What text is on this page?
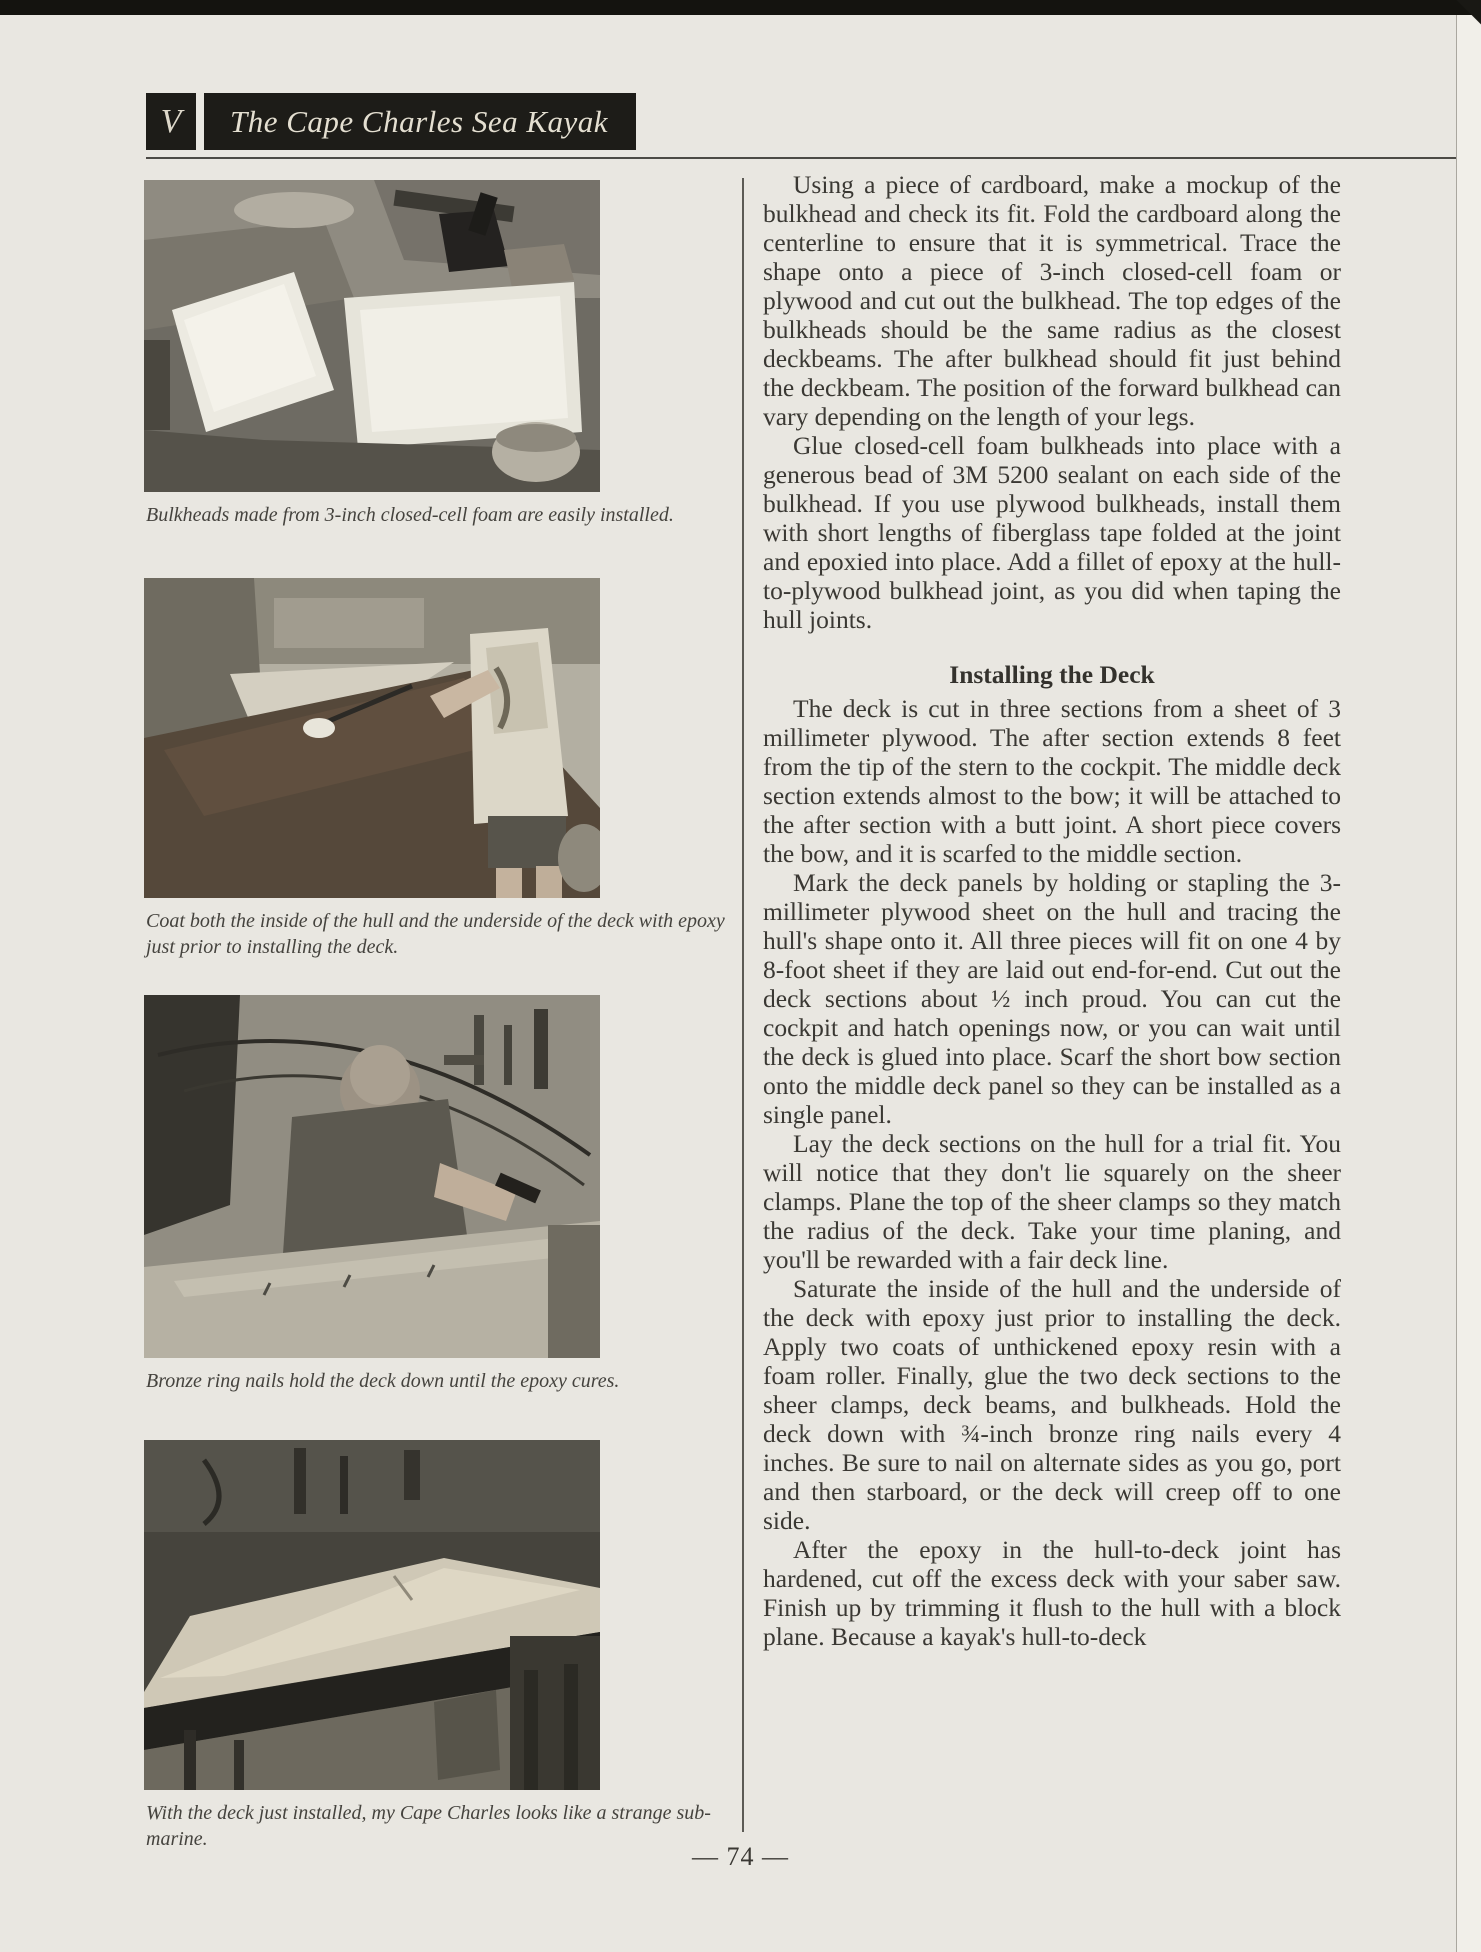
V The Cape Charles Sea Kayak
Bulkheads made from 3-inch closed-cell foam are easily installed.
Coat both the inside of the hull and the underside of the deck with epoxy just prior to installing the deck.
Bronze ring nails hold the deck down until the epoxy cures.
With the deck just installed, my Cape Charles looks like a strange sub-marine.

Using a piece of cardboard, make a mockup of the bulkhead and check its fit. Fold the cardboard along the centerline to ensure that it is symmetrical. Trace the shape onto a piece of 3-inch closed-cell foam or plywood and cut out the bulkhead. The top edges of the bulkheads should be the same radius as the closest deckbeams. The after bulkhead should fit just behind the deckbeam. The position of the forward bulkhead can vary depending on the length of your legs.

Glue closed-cell foam bulkheads into place with a generous bead of 3M 5200 sealant on each side of the bulkhead. If you use plywood bulkheads, install them with short lengths of fiberglass tape folded at the joint and epoxied into place. Add a fillet of epoxy at the hull-to-plywood bulkhead joint, as you did when taping the hull joints.

Installing the Deck

The deck is cut in three sections from a sheet of 3 millimeter plywood. The after section extends 8 feet from the tip of the stern to the cockpit. The middle deck section extends almost to the bow; it will be attached to the after section with a butt joint. A short piece covers the bow, and it is scarfed to the middle section.

Mark the deck panels by holding or stapling the 3-millimeter plywood sheet on the hull and tracing the hull's shape onto it. All three pieces will fit on one 4 by 8-foot sheet if they are laid out end-for-end. Cut out the deck sections about ½ inch proud. You can cut the cockpit and hatch openings now, or you can wait until the deck is glued into place. Scarf the short bow section onto the middle deck panel so they can be installed as a single panel.

Lay the deck sections on the hull for a trial fit. You will notice that they don't lie squarely on the sheer clamps. Plane the top of the sheer clamps so they match the radius of the deck. Take your time planing, and you'll be rewarded with a fair deck line.

Saturate the inside of the hull and the underside of the deck with epoxy just prior to installing the deck. Apply two coats of unthickened epoxy resin with a foam roller. Finally, glue the two deck sections to the sheer clamps, deck beams, and bulkheads. Hold the deck down with ¾-inch bronze ring nails every 4 inches. Be sure to nail on alternate sides as you go, port and then starboard, or the deck will creep off to one side.

After the epoxy in the hull-to-deck joint has hardened, cut off the excess deck with your saber saw. Finish up by trimming it flush to the hull with a block plane. Because a kayak's hull-to-deck

— 74 —
